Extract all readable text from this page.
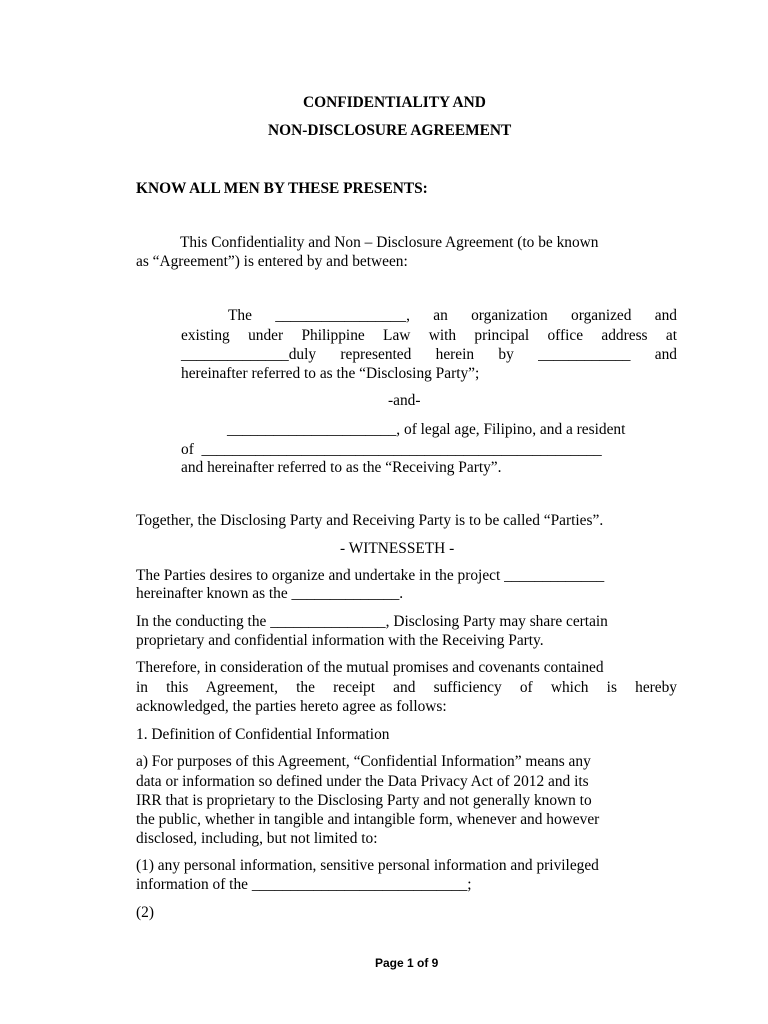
CONFIDENTIALITY AND
NON-DISCLOSURE AGREEMENT
KNOW ALL MEN BY THESE PRESENTS:
This Confidentiality and Non – Disclosure Agreement (to be known
as “Agreement”) is entered by and between:
The _________________, an organization organized and
existing under Philippine Law with principal office address at
______________duly represented herein by ____________ and
hereinafter referred to as the “Disclosing Party”;
-and-
______________________, of legal age, Filipino, and a resident
of  ____________________________________________________
and hereinafter referred to as the “Receiving Party”.
Together, the Disclosing Party and Receiving Party is to be called “Parties”.
- WITNESSETH -
The Parties desires to organize and undertake in the project _____________
hereinafter known as the ______________.
In the conducting the _______________, Disclosing Party may share certain
proprietary and confidential information with the Receiving Party.
Therefore, in consideration of the mutual promises and covenants contained
in this Agreement, the receipt and sufficiency of which is hereby
acknowledged, the parties hereto agree as follows:
1. Definition of Confidential Information
a) For purposes of this Agreement, “Confidential Information” means any
data or information so defined under the Data Privacy Act of 2012 and its
IRR that is proprietary to the Disclosing Party and not generally known to
the public, whether in tangible and intangible form, whenever and however
disclosed, including, but not limited to:
(1) any personal information, sensitive personal information and privileged
information of the ____________________________;
(2)
Page 1 of 9
